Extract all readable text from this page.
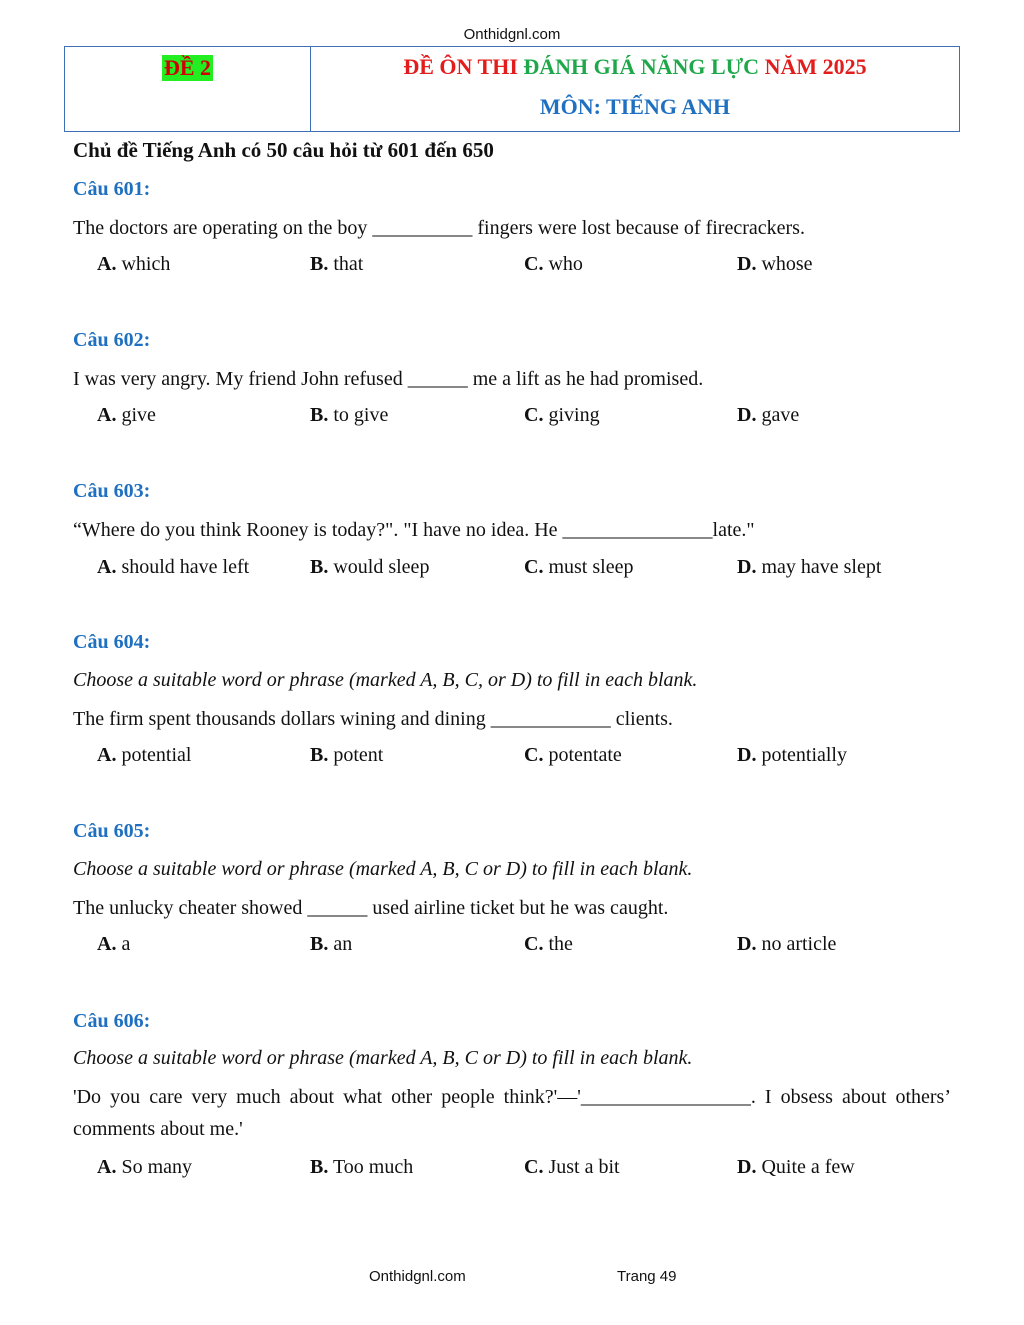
Onthidgnl.com
ĐỀ 2	ĐỀ ÔN THI ĐÁNH GIÁ NĂNG LỰC NĂM 2025
MÔN: TIẾNG ANH
Chủ đề Tiếng Anh có 50 câu hỏi từ 601 đến 650
Câu 601:
The doctors are operating on the boy __________ fingers were lost because of firecrackers.
A. which	B. that	C. who	D. whose
Câu 602:
I was very angry. My friend John refused ______ me a lift as he had promised.
A. give	B. to give	C. giving	D. gave
Câu 603:
“Where do you think Rooney is today?". "I have no idea. He _______________late."
A. should have left	B. would sleep	C. must sleep	D. may have slept
Câu 604:
Choose a suitable word or phrase (marked A, B, C, or D) to fill in each blank.
The firm spent thousands dollars wining and dining ____________ clients.
A. potential	B. potent	C. potentate	D. potentially
Câu 605:
Choose a suitable word or phrase (marked A, B, C or D) to fill in each blank.
The unlucky cheater showed ______ used airline ticket but he was caught.
A. a	B. an	C. the	D. no article
Câu 606:
Choose a suitable word or phrase (marked A, B, C or D) to fill in each blank.
'Do you care very much about what other people think?'—'_________________. I obsess about others’ comments about me.'
A. So many	B. Too much	C. Just a bit	D. Quite a few
Onthidgnl.com	Trang 49
